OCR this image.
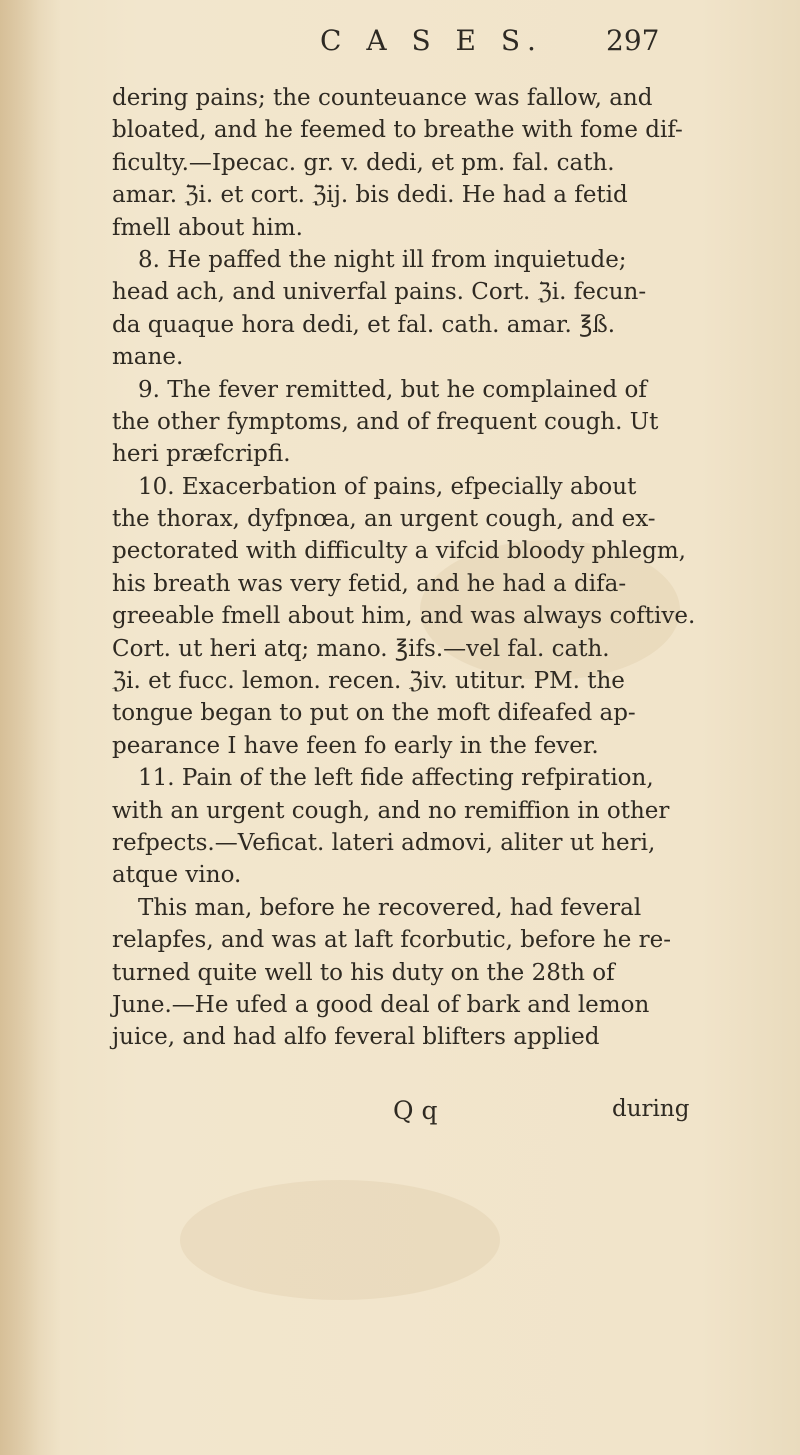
C A S E S. 297
dering pains; the counteuance was fallow, and
bloated, and he feemed to breathe with fome dif-
ficulty.—Ipecac. gr. v. dedi, et pm. fal. cath.
amar. ℨi. et cort. ℨij. bis dedi. He had a fetid
fmell about him.
8. He paffed the night ill from inquietude;
head ach, and univerfal pains. Cort. ℨi. fecun-
da quaque hora dedi, et fal. cath. amar. ℥ß.
mane.
9. The fever remitted, but he complained of
the other fymptoms, and of frequent cough. Ut
heri præfcripfi.
10. Exacerbation of pains, efpecially about
the thorax, dyfpnœa, an urgent cough, and ex-
pectorated with difficulty a vifcid bloody phlegm,
his breath was very fetid, and he had a difa-
greeable fmell about him, and was always coftive.
Cort. ut heri atq; mano. ℥ifs.—vel fal. cath.
ℨi. et fucc. lemon. recen. ℨiv. utitur. PM. the
tongue began to put on the moft difeafed ap-
pearance I have feen fo early in the fever.
11. Pain of the left fide affecting refpiration,
with an urgent cough, and no remiffion in other
refpects.—Veficat. lateri admovi, aliter ut heri,
atque vino.
This man, before he recovered, had feveral
relapfes, and was at laft fcorbutic, before he re-
turned quite well to his duty on the 28th of
June.—He ufed a good deal of bark and lemon
juice, and had alfo feveral blifters applied
Q q	during
